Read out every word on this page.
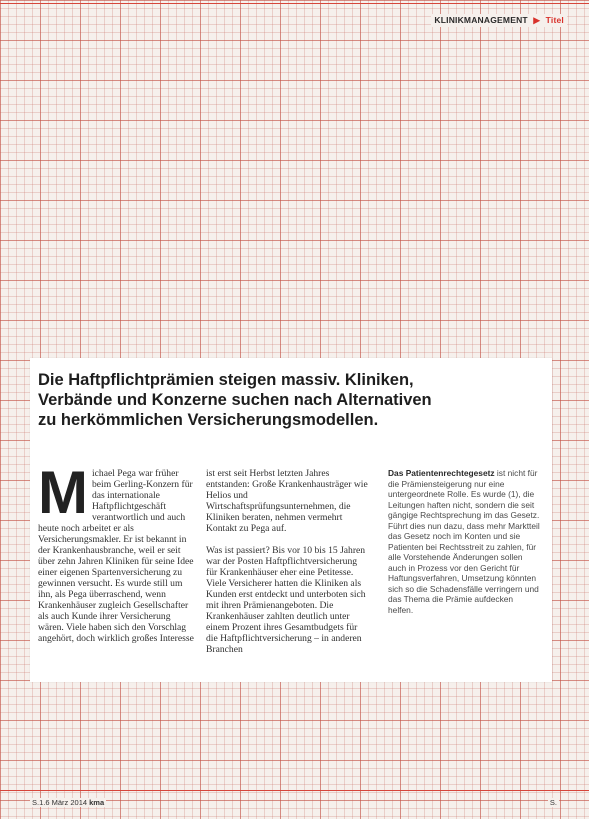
KLINIKMANAGEMENT ▶ Titel
Die Haftpflichtprämien steigen massiv. Kliniken,
Verbände und Konzerne suchen nach Alternativen
zu herkömmlichen Versicherungsmodellen.

M ichael Pega war früher beim Gerling-Konzern für das internationale Haftpflichtgeschäft verantwortlich und auch heute noch arbeitet er als Versicherungsmakler. Er ist bekannt in der Krankenhausbranche, weil er seit über zehn Jahren Kliniken für seine Idee einer eigenen Spartenversicherung zu gewinnen versucht. Es wurde still um ihn, als Pega überraschend, wenn Krankenhäuser zugleich Gesellschafter als auch Kunde ihrer Versicherung wären. Viele haben sich den Vorschlag angehört, doch wirklich großes Interesse

ist erst seit Herbst letzten Jahres entstanden: Große Krankenhausträger wie Helios und Wirtschaftsprüfungsunternehmen, die Kliniken beraten, nehmen vermehrt Kontakt zu Pega auf.

Was ist passiert? Bis vor 10 bis 15 Jahren war der Posten Haftpflichtversicherung für Krankenhäuser eher eine Petitesse. Viele Versicherer hatten die Kliniken als Kunden erst entdeckt und unterboten sich mit ihren Prämienangeboten. Die Krankenhäuser zahlten deutlich unter einem Prozent ihres Gesamtbudgets für die Haftpflichtversicherung – in anderen Branchen

Das Patientenrechtegesetz ist nicht für die Prämiensteigerung nur eine untergeordnete Rolle. Es wurde (1), die Leitungen haften nicht, sondern die seit gängige Rechtsprechung im das Gesetz. Führt dies nun dazu, dass mehr Marktteil das Gesetz noch im Konten und sie Patienten bei Rechtsstreit zu zahlen, für alle Vorstehende Änderungen sollen auch in Prozess vor den Gericht für Haftungsverfahren, Umsetzung könnten sich so die Schadensfälle verringern und das Thema die Prämie aufdecken helfen.

S.1.6 März 2014 kma	S.
